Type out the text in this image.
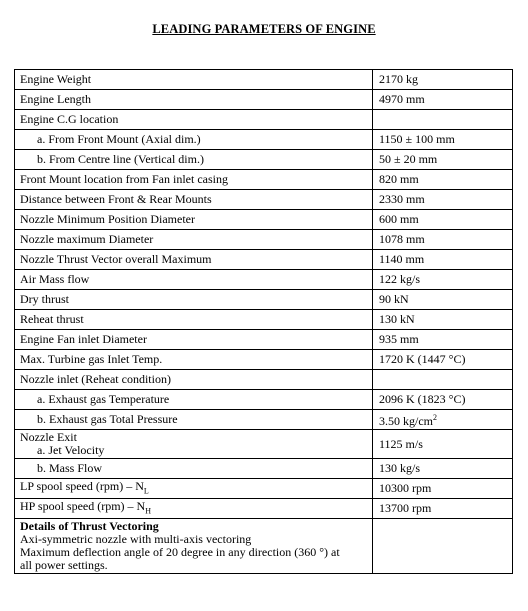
LEADING PARAMETERS OF ENGINE
Engine Weight	2170 kg
Engine Length	4970 mm
Engine C.G location	
a. From Front Mount (Axial dim.)	1150 ± 100 mm
b. From Centre line (Vertical dim.)	50 ± 20 mm
Front Mount location from Fan inlet casing	820 mm
Distance between Front & Rear Mounts	2330 mm
Nozzle Minimum Position Diameter	600 mm
Nozzle maximum Diameter	1078 mm
Nozzle Thrust Vector overall Maximum	1140 mm
Air Mass flow	122 kg/s
Dry thrust	90 kN
Reheat thrust	130 kN
Engine Fan inlet Diameter	935 mm
Max. Turbine gas Inlet Temp.	1720 K (1447 °C)
Nozzle inlet (Reheat condition)	
a. Exhaust gas Temperature	2096 K (1823 °C)
b. Exhaust gas Total Pressure	3.50 $kg/cm^2$

Nozzle Exit
a. Jet Velocity	1125 m/s
b. Mass Flow	130 kg/s
LP spool speed $(rpm) - N_L$	10300 rpm
HP spool speed $(rpm) - N_H$	13700 rpm

Details of Thrust Vectoring
Axi-symmetric nozzle with multi-axis vectoring
Maximum deflection angle of 20 degree in any direction (360 °) at
all power settings.	
